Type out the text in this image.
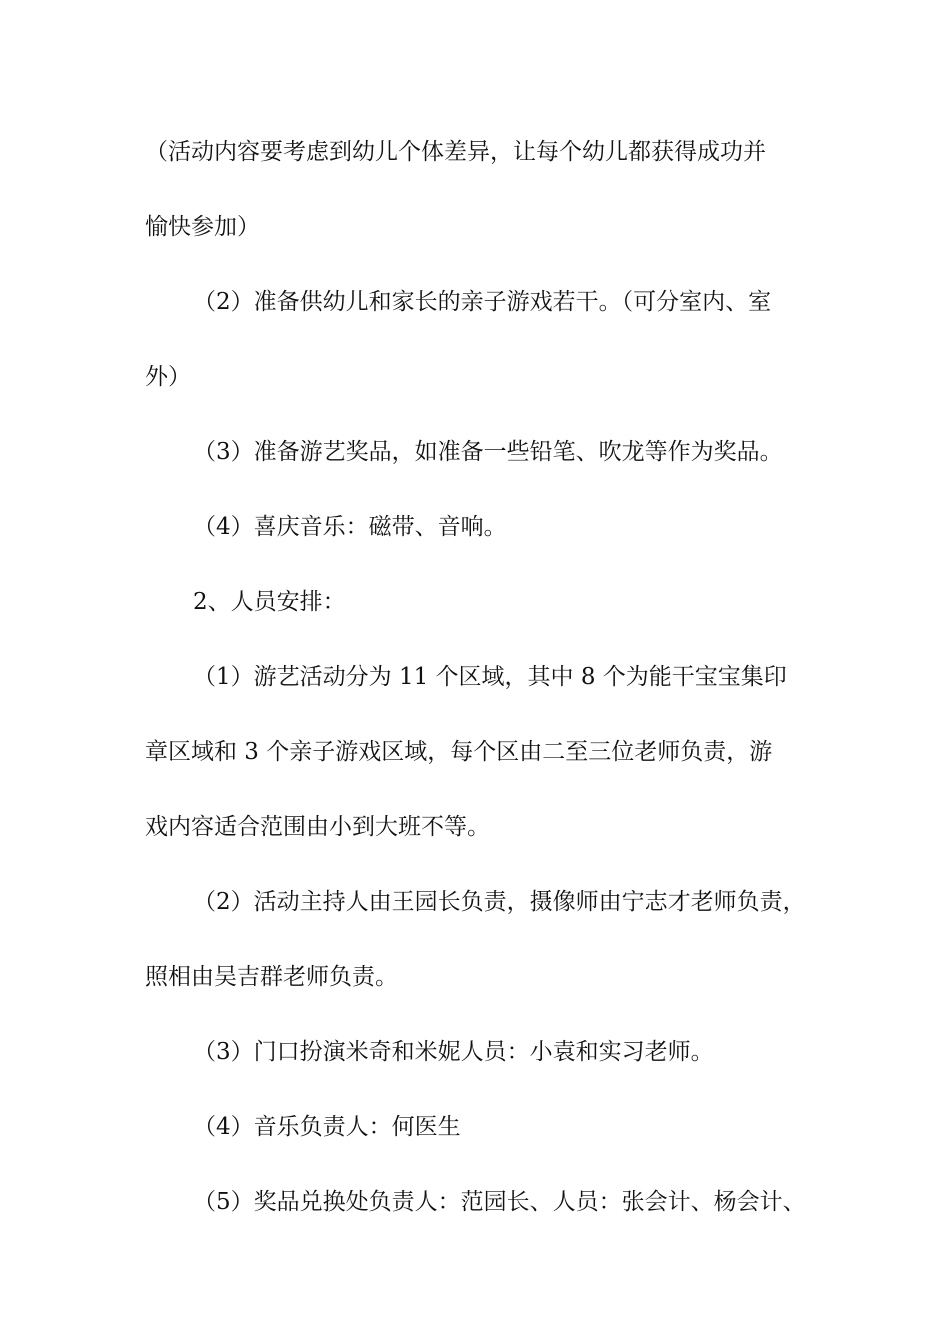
（活动内容要考虑到幼儿个体差异，让每个幼儿都获得成功并
愉快参加）
（2）准备供幼儿和家长的亲子游戏若干。（可分室内、室
外）
（3）准备游艺奖品，如准备一些铅笔、吹龙等作为奖品。
（4）喜庆音乐：磁带、音响。
2、人员安排：
（1）游艺活动分为 11 个区域，其中 8 个为能干宝宝集印
章区域和 3 个亲子游戏区域，每个区由二至三位老师负责，游
戏内容适合范围由小到大班不等。
（2）活动主持人由王园长负责，摄像师由宁志才老师负责，
照相由吴吉群老师负责。
（3）门口扮演米奇和米妮人员：小袁和实习老师。
（4）音乐负责人：何医生
（5）奖品兑换处负责人：范园长、人员：张会计、杨会计、
